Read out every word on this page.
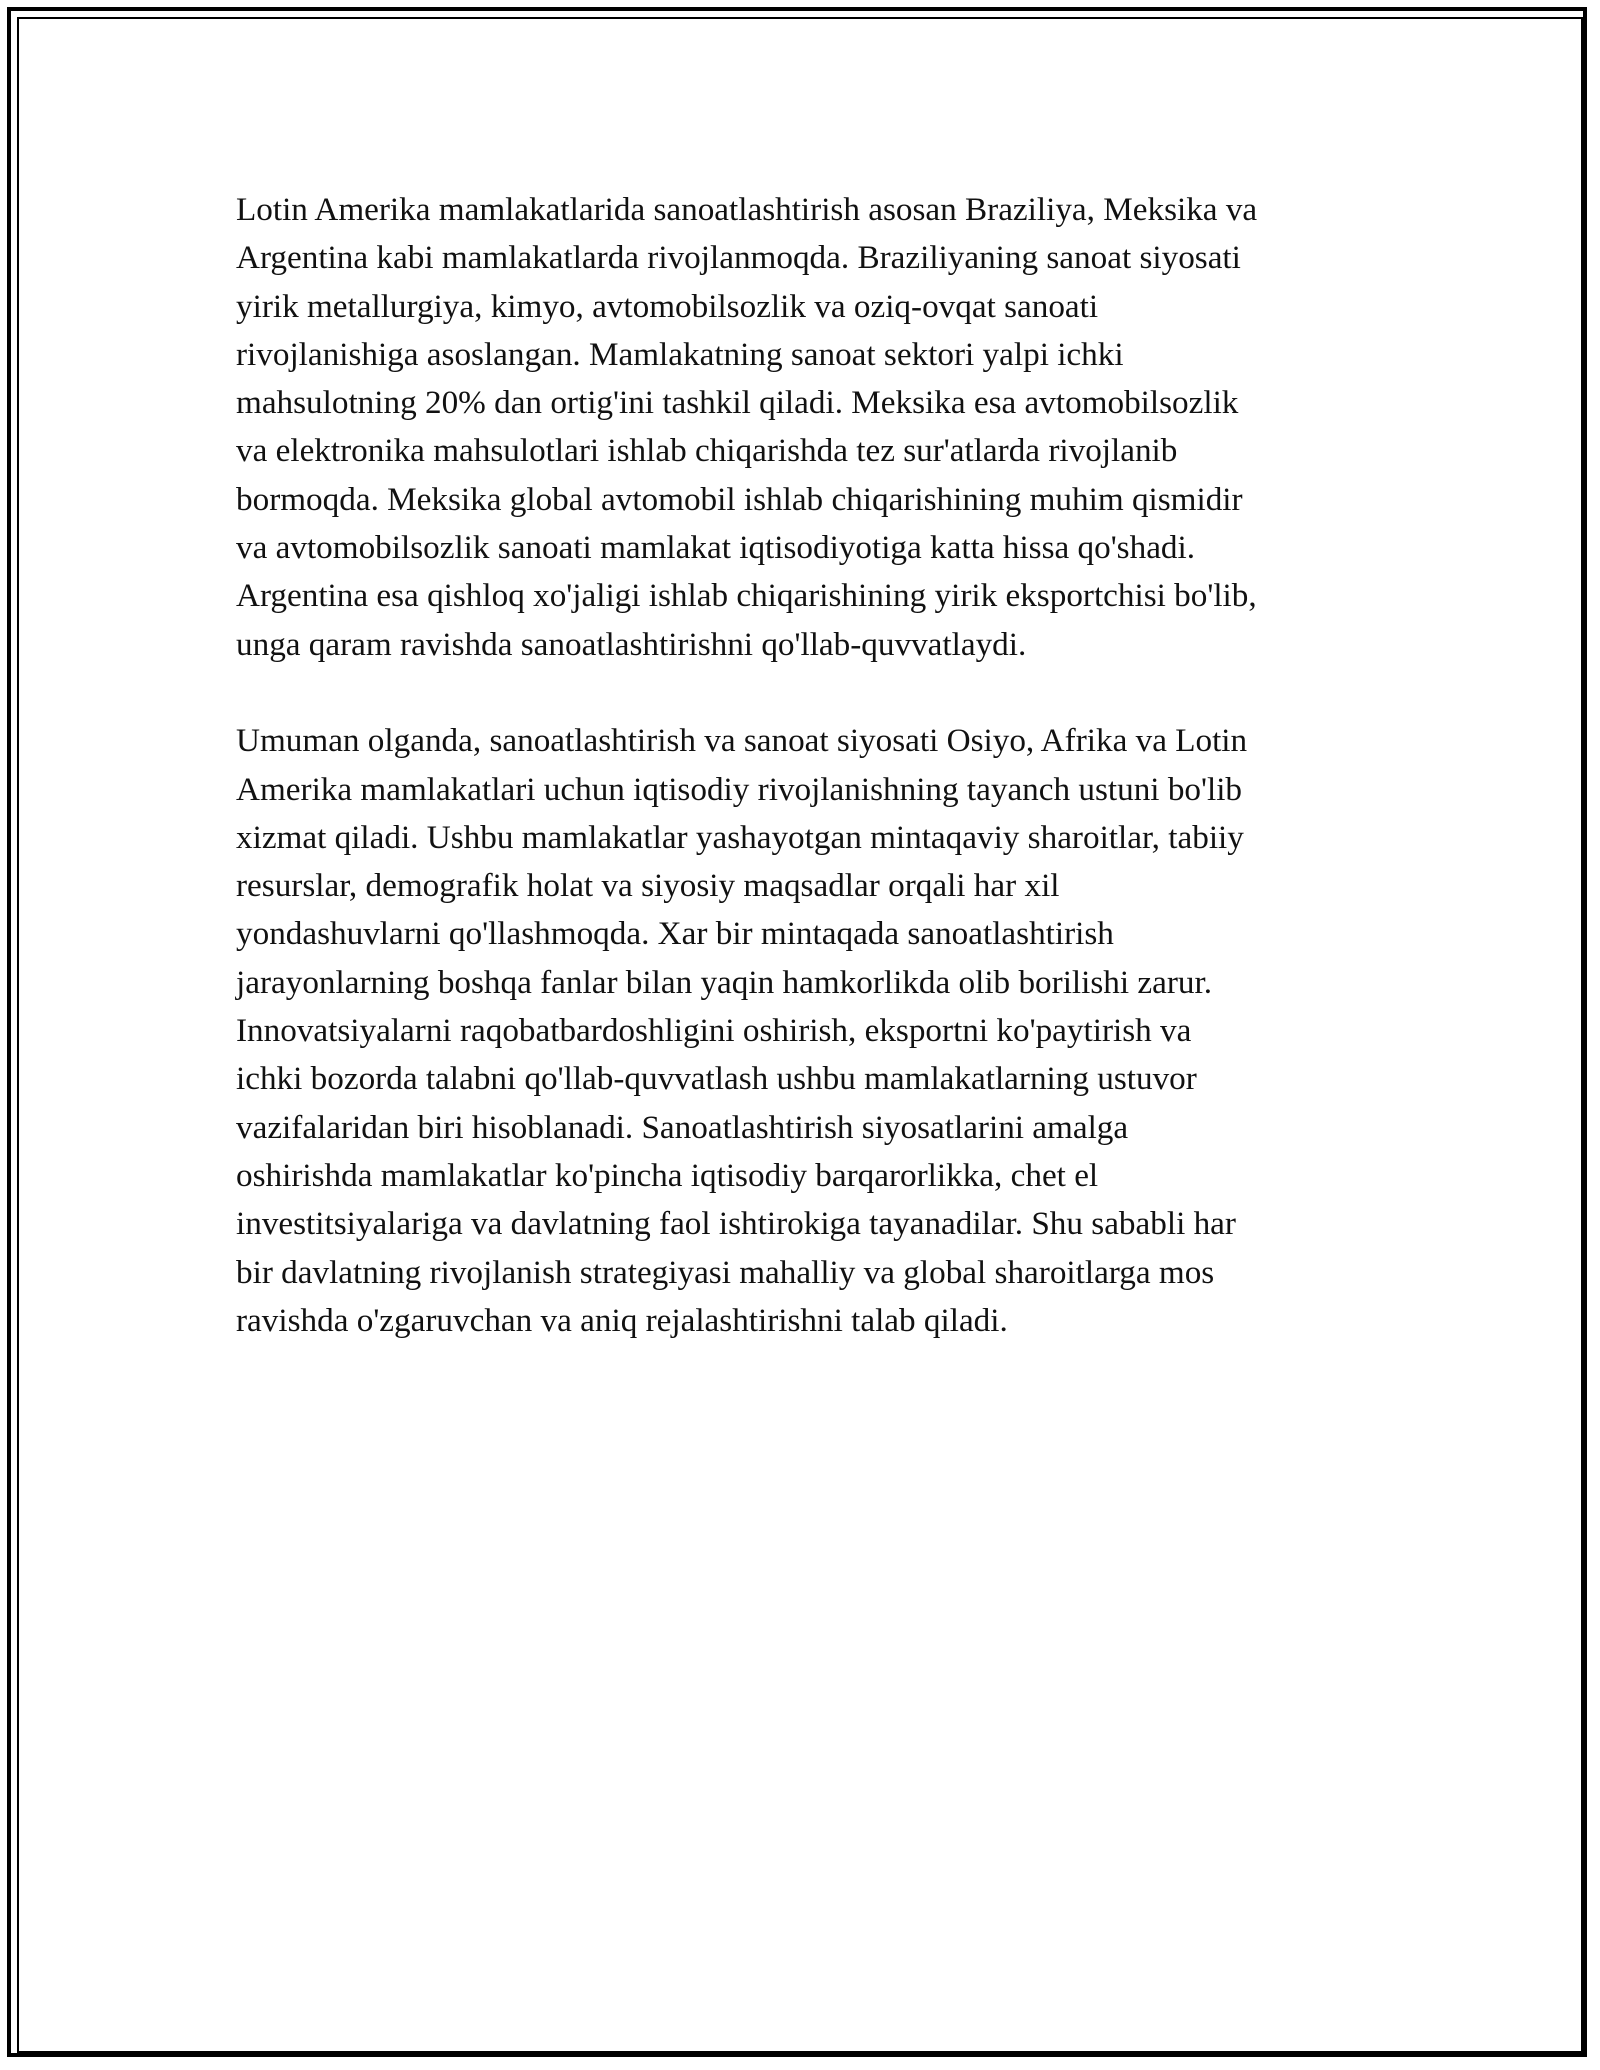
Lotin Amerika mamlakatlarida sanoatlashtirish asosan Braziliya, Meksika va
Argentina kabi mamlakatlarda rivojlanmoqda. Braziliyaning sanoat siyosati
yirik metallurgiya, kimyo, avtomobilsozlik va oziq-ovqat sanoati
rivojlanishiga asoslangan. Mamlakatning sanoat sektori yalpi ichki
mahsulotning 20% dan ortig'ini tashkil qiladi. Meksika esa avtomobilsozlik
va elektronika mahsulotlari ishlab chiqarishda tez sur'atlarda rivojlanib
bormoqda. Meksika global avtomobil ishlab chiqarishining muhim qismidir
va avtomobilsozlik sanoati mamlakat iqtisodiyotiga katta hissa qo'shadi.
Argentina esa qishloq xo'jaligi ishlab chiqarishining yirik eksportchisi bo'lib,
unga qaram ravishda sanoatlashtirishni qo'llab-quvvatlaydi.

Umuman olganda, sanoatlashtirish va sanoat siyosati Osiyo, Afrika va Lotin
Amerika mamlakatlari uchun iqtisodiy rivojlanishning tayanch ustuni bo'lib
xizmat qiladi. Ushbu mamlakatlar yashayotgan mintaqaviy sharoitlar, tabiiy
resurslar, demografik holat va siyosiy maqsadlar orqali har xil
yondashuvlarni qo'llashmoqda. Xar bir mintaqada sanoatlashtirish
jarayonlarning boshqa fanlar bilan yaqin hamkorlikda olib borilishi zarur.
Innovatsiyalarni raqobatbardoshligini oshirish, eksportni ko'paytirish va
ichki bozorda talabni qo'llab-quvvatlash ushbu mamlakatlarning ustuvor
vazifalaridan biri hisoblanadi. Sanoatlashtirish siyosatlarini amalga
oshirishda mamlakatlar ko'pincha iqtisodiy barqarorlikka, chet el
investitsiyalariga va davlatning faol ishtirokiga tayanadilar. Shu sababli har
bir davlatning rivojlanish strategiyasi mahalliy va global sharoitlarga mos
ravishda o'zgaruvchan va aniq rejalashtirishni talab qiladi.
